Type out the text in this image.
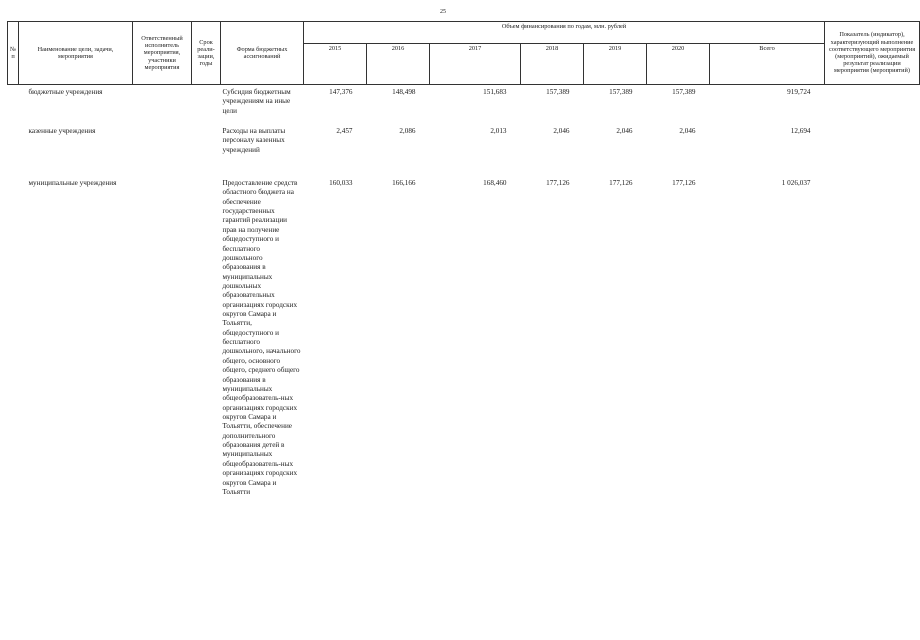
25
№ п	Наименование цели, задачи, мероприятия	Ответственный исполнитель мероприятия, участники мероприятия	Срок реали-зации, годы	Форма бюджетных ассигнований	Объем финансирования по годам, млн. рублей							Показатель (индикатор), характеризующий выполнение соответствующего мероприятия (мероприятий), ожидаемый результат реализации мероприятия (мероприятий)
					2015	2016	2017	2018	2019	2020	Всего	
	бюджетные учреждения			Субсидия бюджетным учреждениям на иные цели	147,376	148,498	151,683	157,389	157,389	157,389	919,724	
	казенные учреждения			Расходы на выплаты персоналу казенных учреждений	2,457	2,086	2,013	2,046	2,046	2,046	12,694	
	муниципальные учреждения			Предоставление средств областного бюджета на обеспечение государственных гарантий реализации прав на получение общедоступного и бесплатного дошкольного образования в муниципальных дошкольных образовательных организациях городских округов Самара и Тольятти, общедоступного и бесплатного дошкольного, начального общего, основного общего, среднего общего образования в муниципальных общеобразователь-ных организациях городских округов Самара и Тольятти, обеспечение дополнительного образования детей в муниципальных общеобразователь-ных организациях городских округов Самара и Тольятти	160,033	166,166	168,460	177,126	177,126	177,126	1 026,037	
